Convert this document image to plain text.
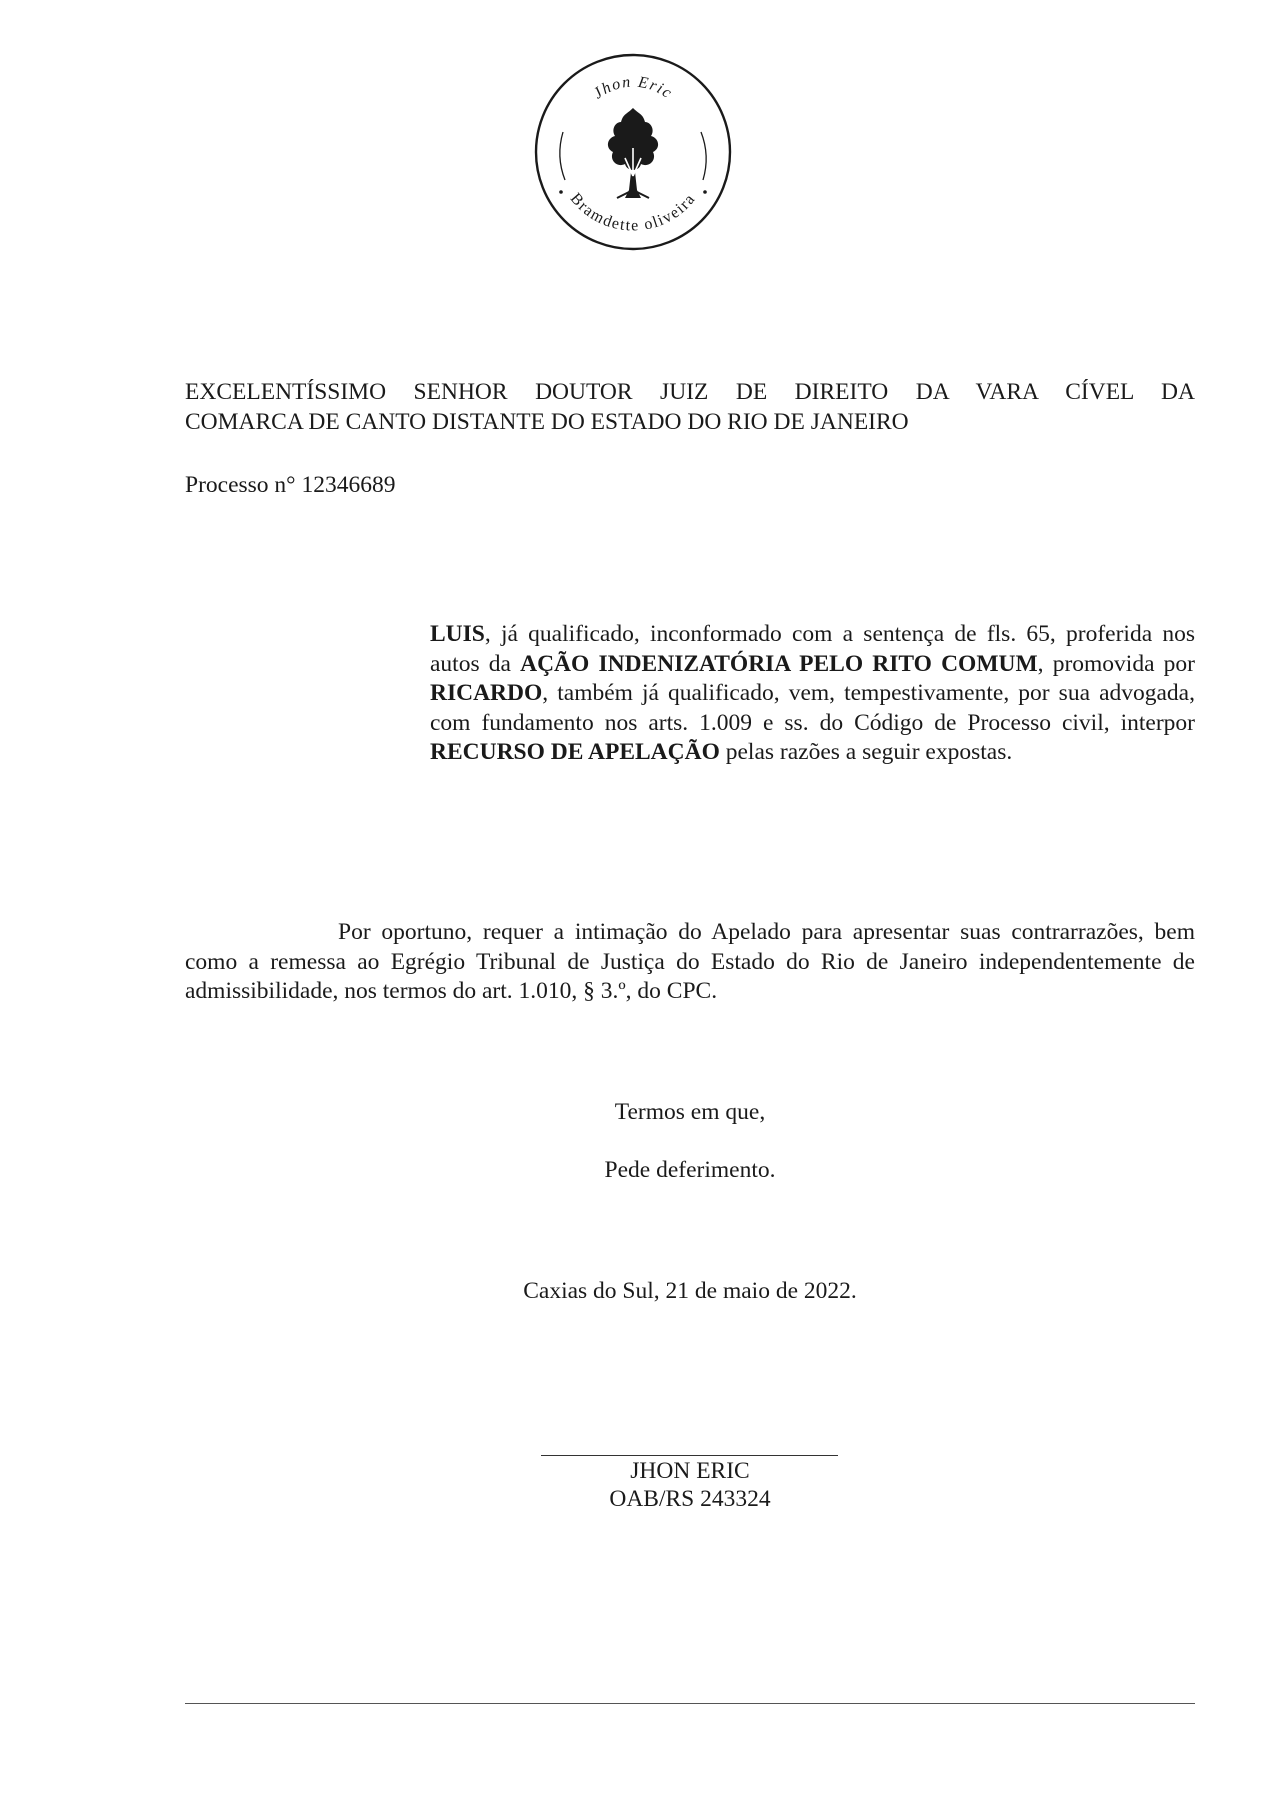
Jhon Eric
Bramdette oliveira
EXCELENTÍSSIMO SENHOR DOUTOR JUIZ DE DIREITO DA VARA CÍVEL DA
COMARCA DE CANTO DISTANTE DO ESTADO DO RIO DE JANEIRO
Processo n° 12346689

LUIS, já qualificado, inconformado com a sentença de fls. 65, proferida nos autos da AÇÃO INDENIZATÓRIA PELO RITO COMUM, promovida por RICARDO, também já qualificado, vem, tempestivamente, por sua advogada, com fundamento nos arts. 1.009 e ss. do Código de Processo civil, interpor RECURSO DE APELAÇÃO pelas razões a seguir expostas.

Por oportuno, requer a intimação do Apelado para apresentar suas contrarrazões, bem como a remessa ao Egrégio Tribunal de Justiça do Estado do Rio de Janeiro independentemente de admissibilidade, nos termos do art. 1.010, § 3.º, do CPC.

Termos em que,
Pede deferimento.
Caxias do Sul, 21 de maio de 2022.
JHON ERIC
OAB/RS 243324
